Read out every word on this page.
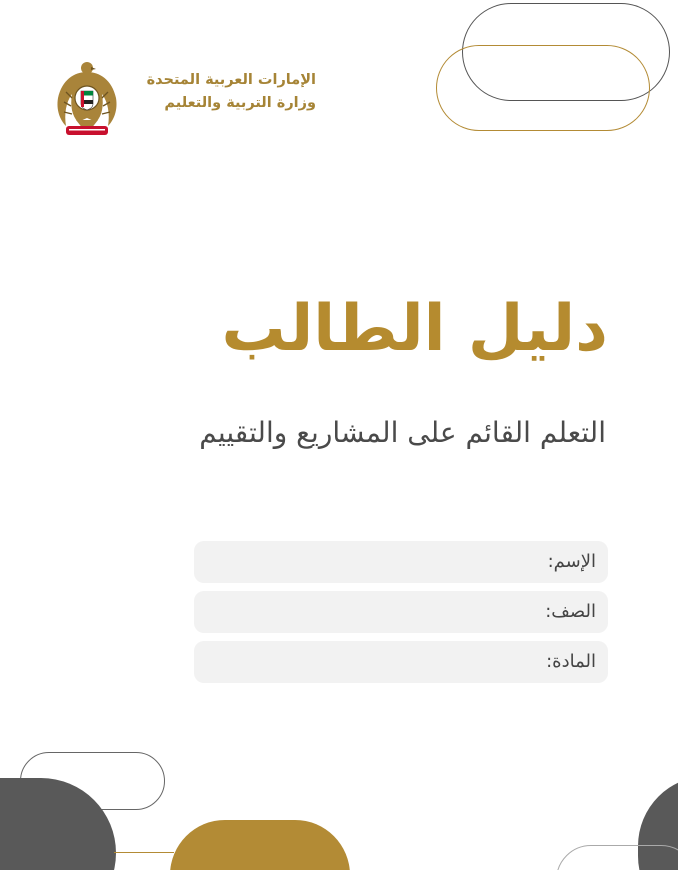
الإمارات العربية المتحدة
وزارة التربية والتعليم
دليل الطالب
التعلم القائم على المشاريع والتقييم
الإسم:
الصف:
المادة:
